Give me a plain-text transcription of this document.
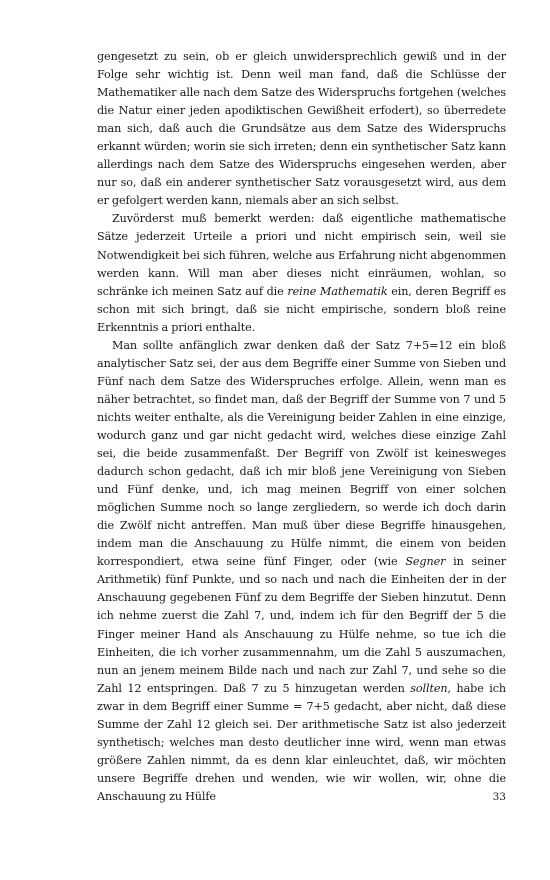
gengesetzt zu sein, ob er gleich unwidersprechlich gewiß und in der Folge sehr wichtig ist. Denn weil man fand, daß die Schlüsse der Mathematiker alle nach dem Satze des Widerspruchs fortgehen (welches die Natur einer jeden apodiktischen Gewißheit erfodert), so überredete man sich, daß auch die Grundsätze aus dem Satze des Widerspruchs erkannt würden; worin sie sich irreten; denn ein synthetischer Satz kann allerdings nach dem Satze des Widerspruchs eingesehen werden, aber nur so, daß ein anderer synthetischer Satz vorausgesetzt wird, aus dem er gefolgert werden kann, niemals aber an sich selbst.

Zuvörderst muß bemerkt werden: daß eigentliche mathematische Sätze jederzeit Urteile a priori und nicht empirisch sein, weil sie Notwendigkeit bei sich führen, welche aus Erfahrung nicht abgenommen werden kann. Will man aber dieses nicht einräumen, wohlan, so schränke ich meinen Satz auf die reine Mathematik ein, deren Begriff es schon mit sich bringt, daß sie nicht empirische, sondern bloß reine Erkenntnis a priori enthalte.

Man sollte anfänglich zwar denken daß der Satz 7+5=12 ein bloß analytischer Satz sei, der aus dem Begriffe einer Summe von Sieben und Fünf nach dem Satze des Widerspruches erfolge. Allein, wenn man es näher betrachtet, so findet man, daß der Begriff der Summe von 7 und 5 nichts weiter enthalte, als die Vereinigung beider Zahlen in eine einzige, wodurch ganz und gar nicht gedacht wird, welches diese einzige Zahl sei, die beide zusammenfaßt. Der Begriff von Zwölf ist keinesweges dadurch schon gedacht, daß ich mir bloß jene Vereinigung von Sieben und Fünf denke, und, ich mag meinen Begriff von einer solchen möglichen Summe noch so lange zergliedern, so werde ich doch darin die Zwölf nicht antreffen. Man muß über diese Begriffe hinausgehen, indem man die Anschauung zu Hülfe nimmt, die einem von beiden korrespondiert, etwa seine fünf Finger, oder (wie Segner in seiner Arithmetik) fünf Punkte, und so nach und nach die Einheiten der in der Anschauung gegebenen Fünf zu dem Begriffe der Sieben hinzutut. Denn ich nehme zuerst die Zahl 7, und, indem ich für den Begriff der 5 die Finger meiner Hand als Anschauung zu Hülfe nehme, so tue ich die Einheiten, die ich vorher zusammennahm, um die Zahl 5 auszumachen, nun an jenem meinem Bilde nach und nach zur Zahl 7, und sehe so die Zahl 12 entspringen. Daß 7 zu 5 hinzugetan werden sollten, habe ich zwar in dem Begriff einer Summe = 7+5 gedacht, aber nicht, daß diese Summe der Zahl 12 gleich sei. Der arithmetische Satz ist also jederzeit synthetisch; welches man desto deutlicher inne wird, wenn man etwas größere Zahlen nimmt, da es denn klar einleuchtet, daß, wir möchten unsere Begriffe drehen und wenden, wie wir wollen, wir, ohne die Anschauung zu Hülfe	33
